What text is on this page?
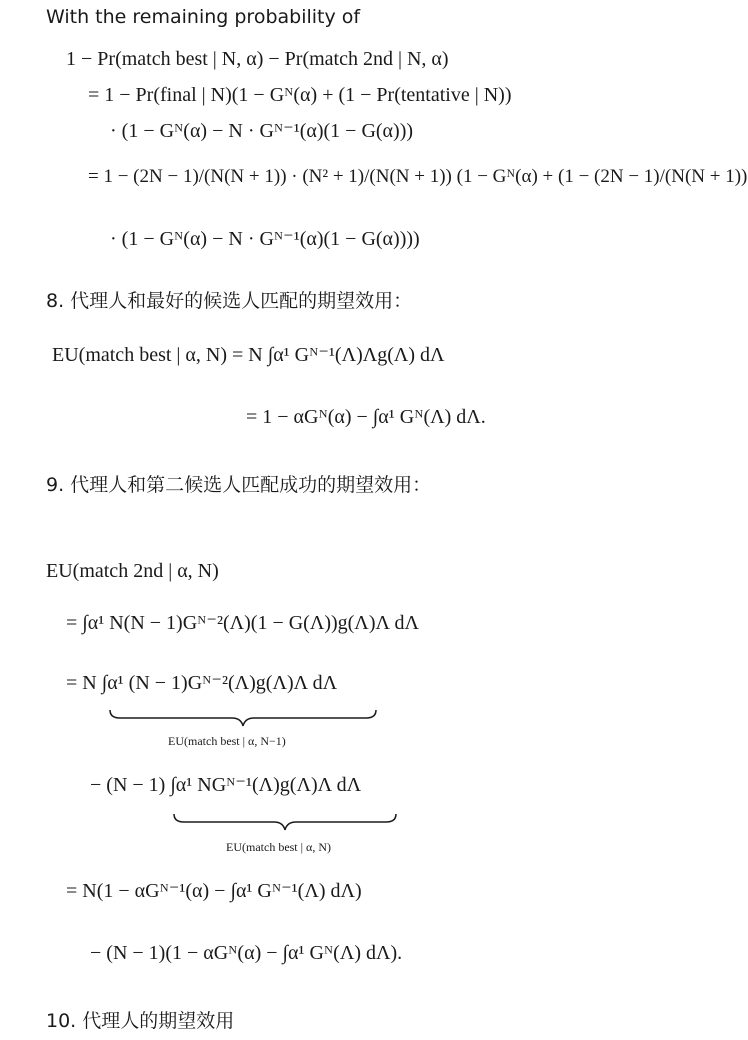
With the remaining probability of
1 − Pr(match best | N, α) − Pr(match 2nd | N, α)
= 1 − Pr(final | N)(1 − Gᴺ(α) + (1 − Pr(tentative | N))
· (1 − Gᴺ(α) − N · Gᴺ⁻¹(α)(1 − G(α)))
= 1 − (2N − 1)/(N(N + 1)) · (N² + 1)/(N(N + 1)) (1 − Gᴺ(α) + (1 − (2N − 1)/(N(N + 1))
· (1 − Gᴺ(α) − N · Gᴺ⁻¹(α)(1 − G(α))))
8. 代理人和最好的候选人匹配的期望效用：
EU(match best | α, N) = N ∫α¹ Gᴺ⁻¹(Λ)Λg(Λ) dΛ
= 1 − αGᴺ(α) − ∫α¹ Gᴺ(Λ) dΛ.
9. 代理人和第二候选人匹配成功的期望效用：
EU(match 2nd | α, N)
= ∫α¹ N(N − 1)Gᴺ⁻²(Λ)(1 − G(Λ))g(Λ)Λ dΛ
= N ∫α¹ (N − 1)Gᴺ⁻²(Λ)g(Λ)Λ dΛ
EU(match best | α, N−1)
− (N − 1) ∫α¹ NGᴺ⁻¹(Λ)g(Λ)Λ dΛ
EU(match best | α, N)
= N(1 − αGᴺ⁻¹(α) − ∫α¹ Gᴺ⁻¹(Λ) dΛ)
− (N − 1)(1 − αGᴺ(α) − ∫α¹ Gᴺ(Λ) dΛ).
10. 代理人的期望效用
